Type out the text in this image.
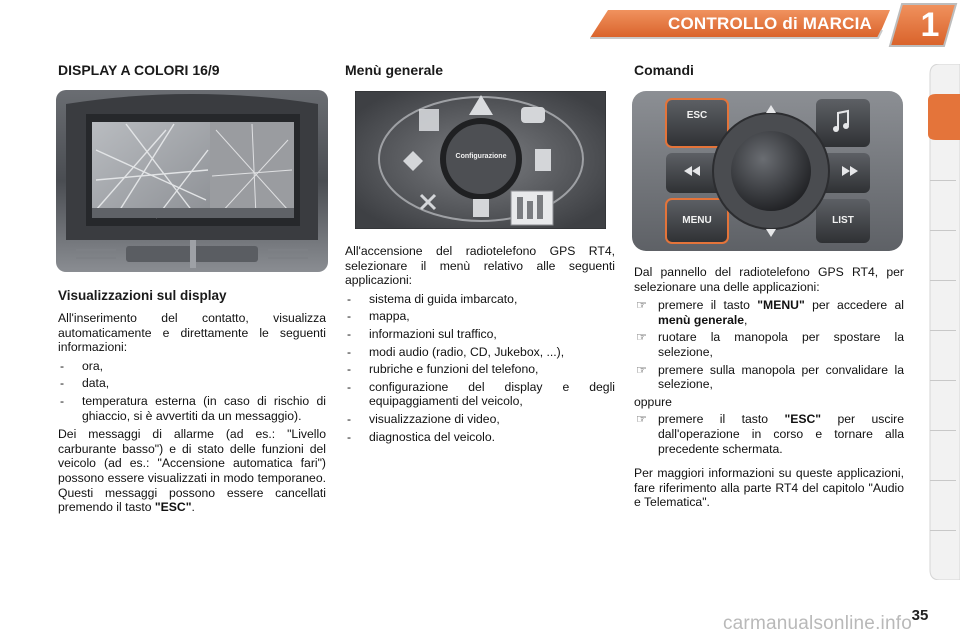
CONTROLLO di MARCIA	1
DISPLAY A COLORI 16/9	Menù generale	Comandi
Configurazione
ESC
MENU	LIST
Visualizzazioni sul display

All'inserimento del contatto, visualizza automaticamente e direttamente le seguenti informazioni:

- ora,
- data,
- temperatura esterna (in caso di rischio di ghiaccio, si è avvertiti da un messaggio).

Dei messaggi di allarme (ad es.: "Livello carburante basso") e di stato delle funzioni del veicolo (ad es.: "Accensione automatica fari") possono essere visualizzati in modo temporaneo. Questi messaggi possono essere cancellati premendo il tasto "ESC".

All'accensione del radiotelefono GPS RT4, selezionare il menù relativo alle seguenti applicazioni:

- sistema di guida imbarcato,
- mappa,
- informazioni sul traffico,
- modi audio (radio, CD, Jukebox, ...),
- rubriche e funzioni del telefono,
- configurazione del display e degli equipaggiamenti del veicolo,
- visualizzazione di video,
- diagnostica del veicolo.

Dal pannello del radiotelefono GPS RT4, per selezionare una delle applicazioni:

☞ premere il tasto "MENU" per accedere al menù generale,
☞ ruotare la manopola per spostare la selezione,
☞ premere sulla manopola per convalidare la selezione,

oppure

☞ premere il tasto "ESC" per uscire dall'operazione in corso e tornare alla precedente schermata.

Per maggiori informazioni su queste applicazioni, fare riferimento alla parte RT4 del capitolo "Audio e Telematica".

carmanualsonline.info 35
